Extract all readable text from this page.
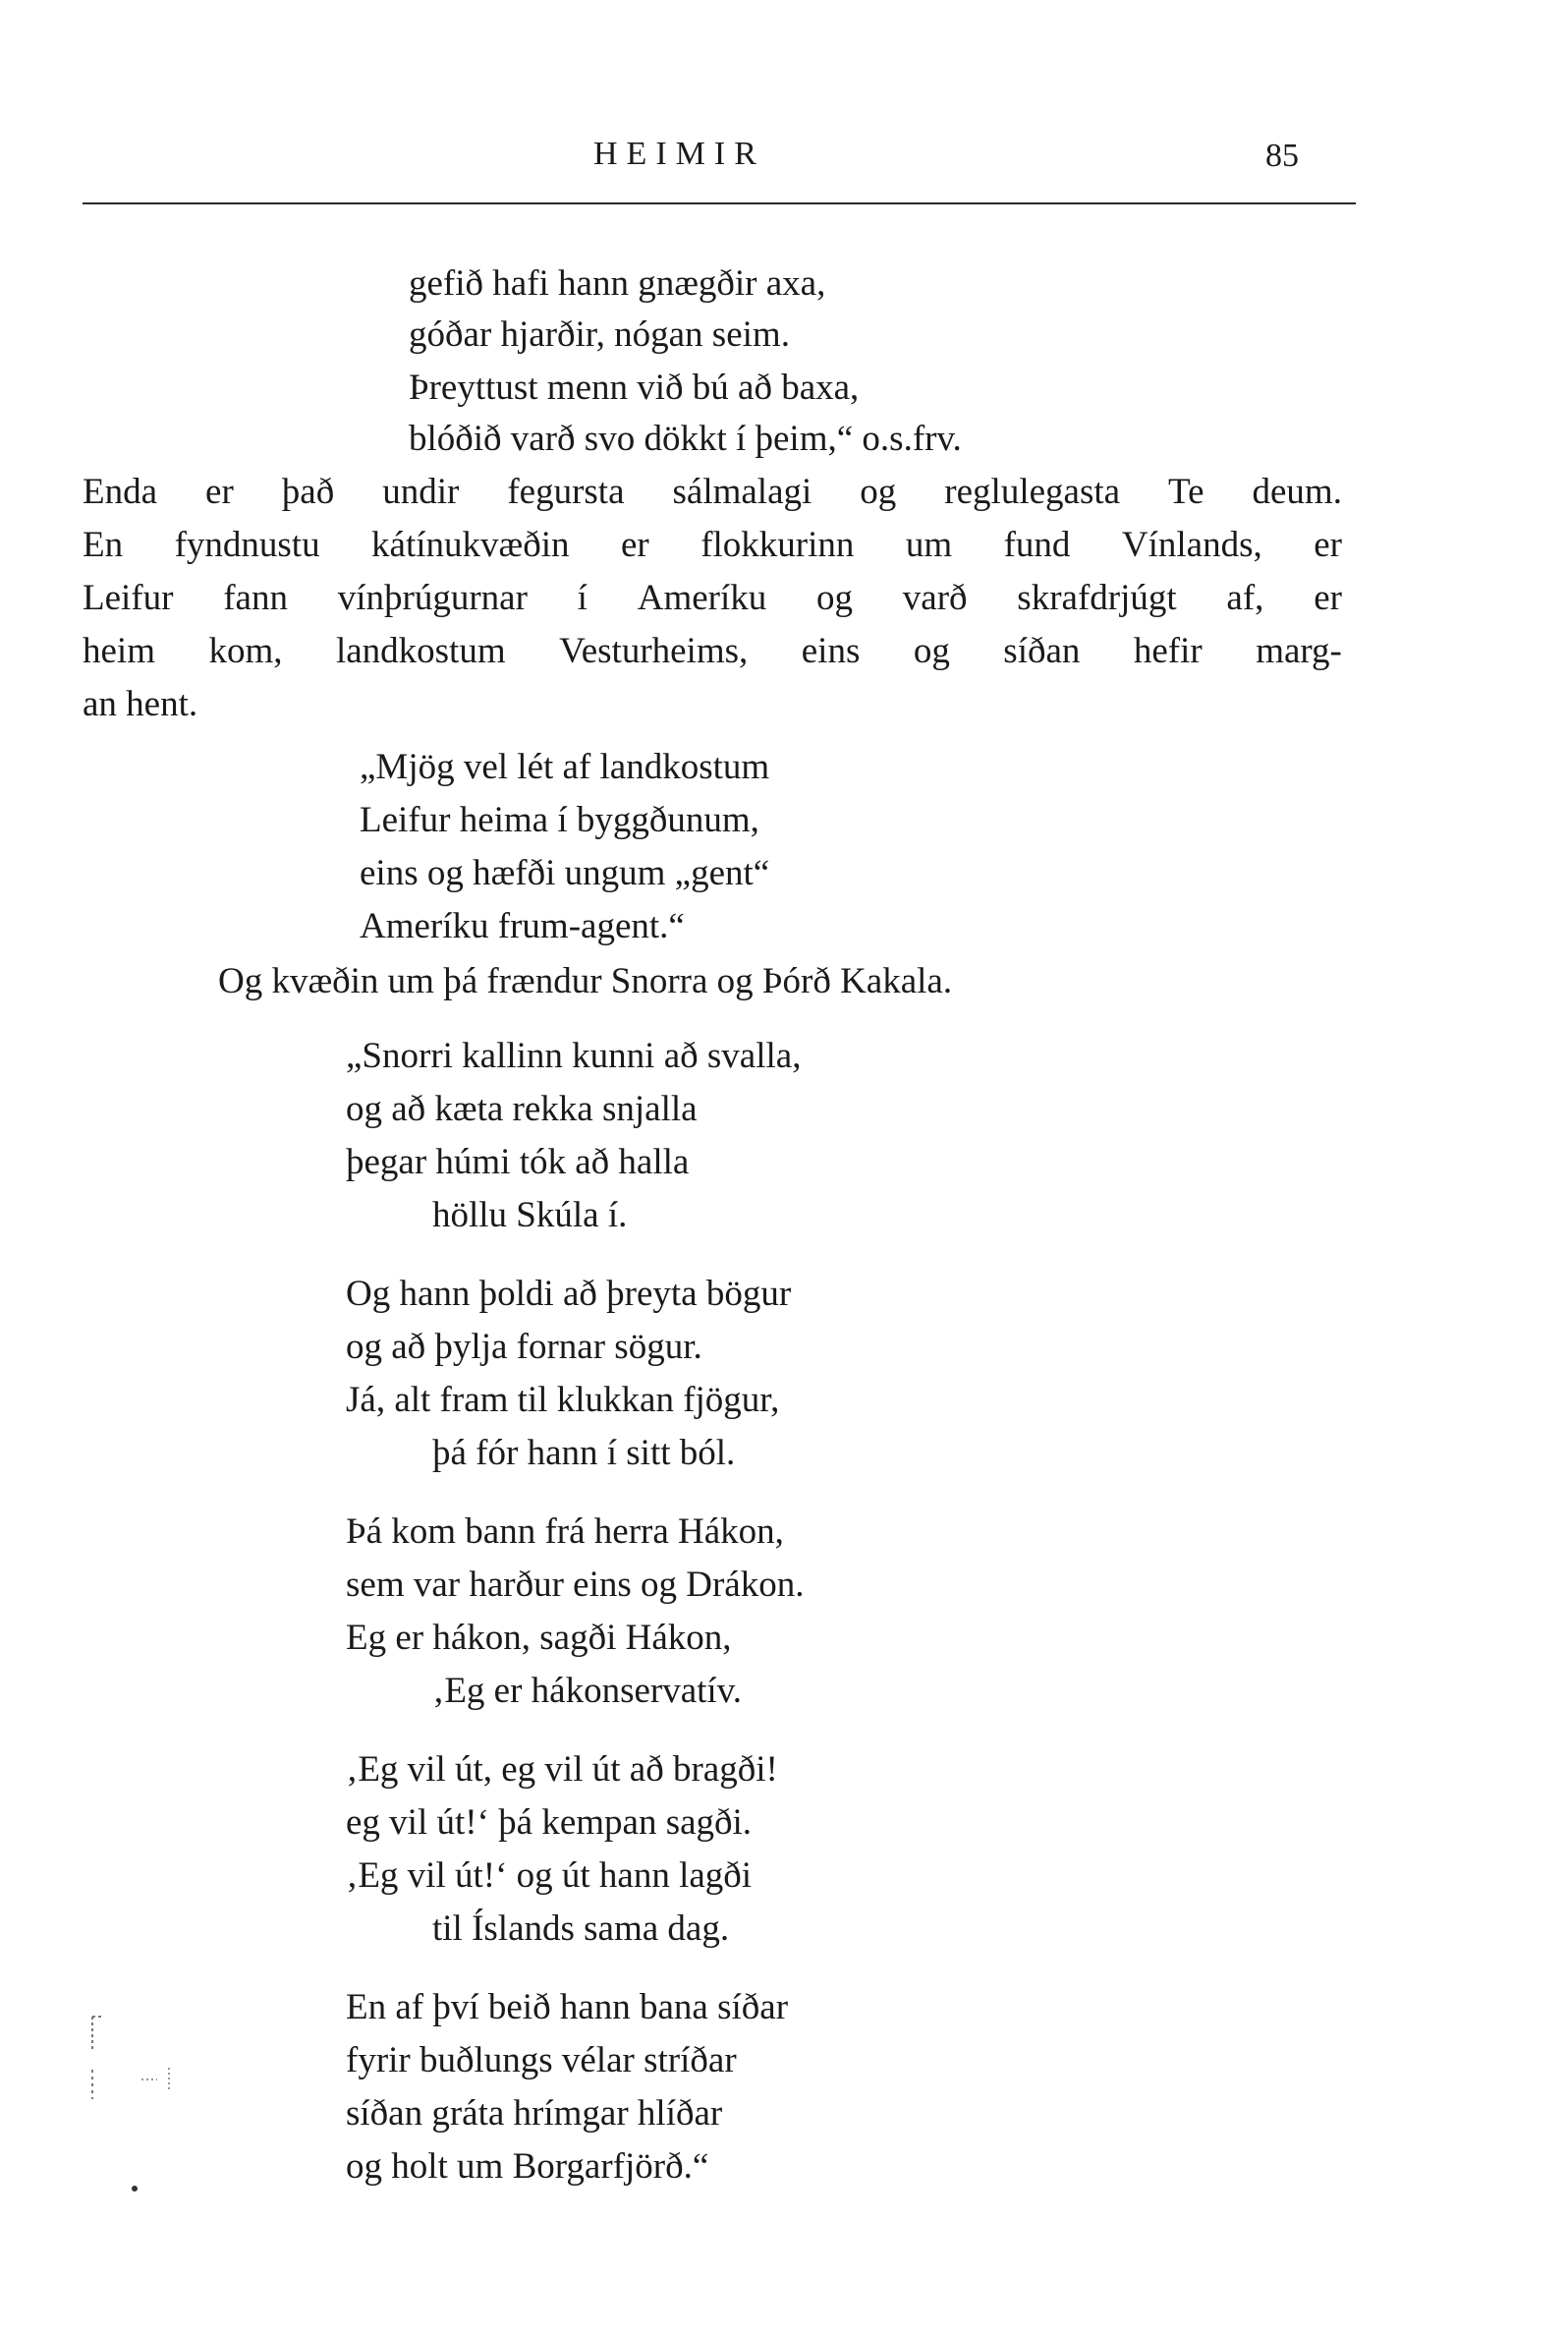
HEIMIR	85
gefið hafi hann gnægðir axa,
góðar hjarðir, nógan seim.
Þreyttust menn við bú að baxa,
blóðið varð svo dökkt í þeim,“ o.s.frv.
Enda er það undir fegursta sálmalagi og reglulegasta Te deum.
En fyndnustu kátínukvæðin er flokkurinn um fund Vínlands, er
Leifur fann vínþrúgurnar í Ameríku og varð skrafdrjúgt af, er
heim kom, landkostum Vesturheims, eins og síðan hefir marg-
an hent.
„Mjög vel lét af landkostum
Leifur heima í byggðunum,
eins og hæfði ungum „gent“
Ameríku frum-agent.“
Og kvæðin um þá frændur Snorra og Þórð Kakala.
„Snorri kallinn kunni að svalla,
og að kæta rekka snjalla
þegar húmi tók að halla
höllu Skúla í.
Og hann þoldi að þreyta bögur
og að þylja fornar sögur.
Já, alt fram til klukkan fjögur,
þá fór hann í sitt ból.
Þá kom bann frá herra Hákon,
sem var harður eins og Drákon.
Eg er hákon, sagði Hákon,
‚Eg er hákonservatív.
‚Eg vil út, eg vil út að bragði!
eg vil út!‘ þá kempan sagði.
‚Eg vil út!‘ og út hann lagði
til Íslands sama dag.
En af því beið hann bana síðar
fyrir buðlungs vélar stríðar
síðan gráta hrímgar hlíðar
og holt um Borgarfjörð.“
